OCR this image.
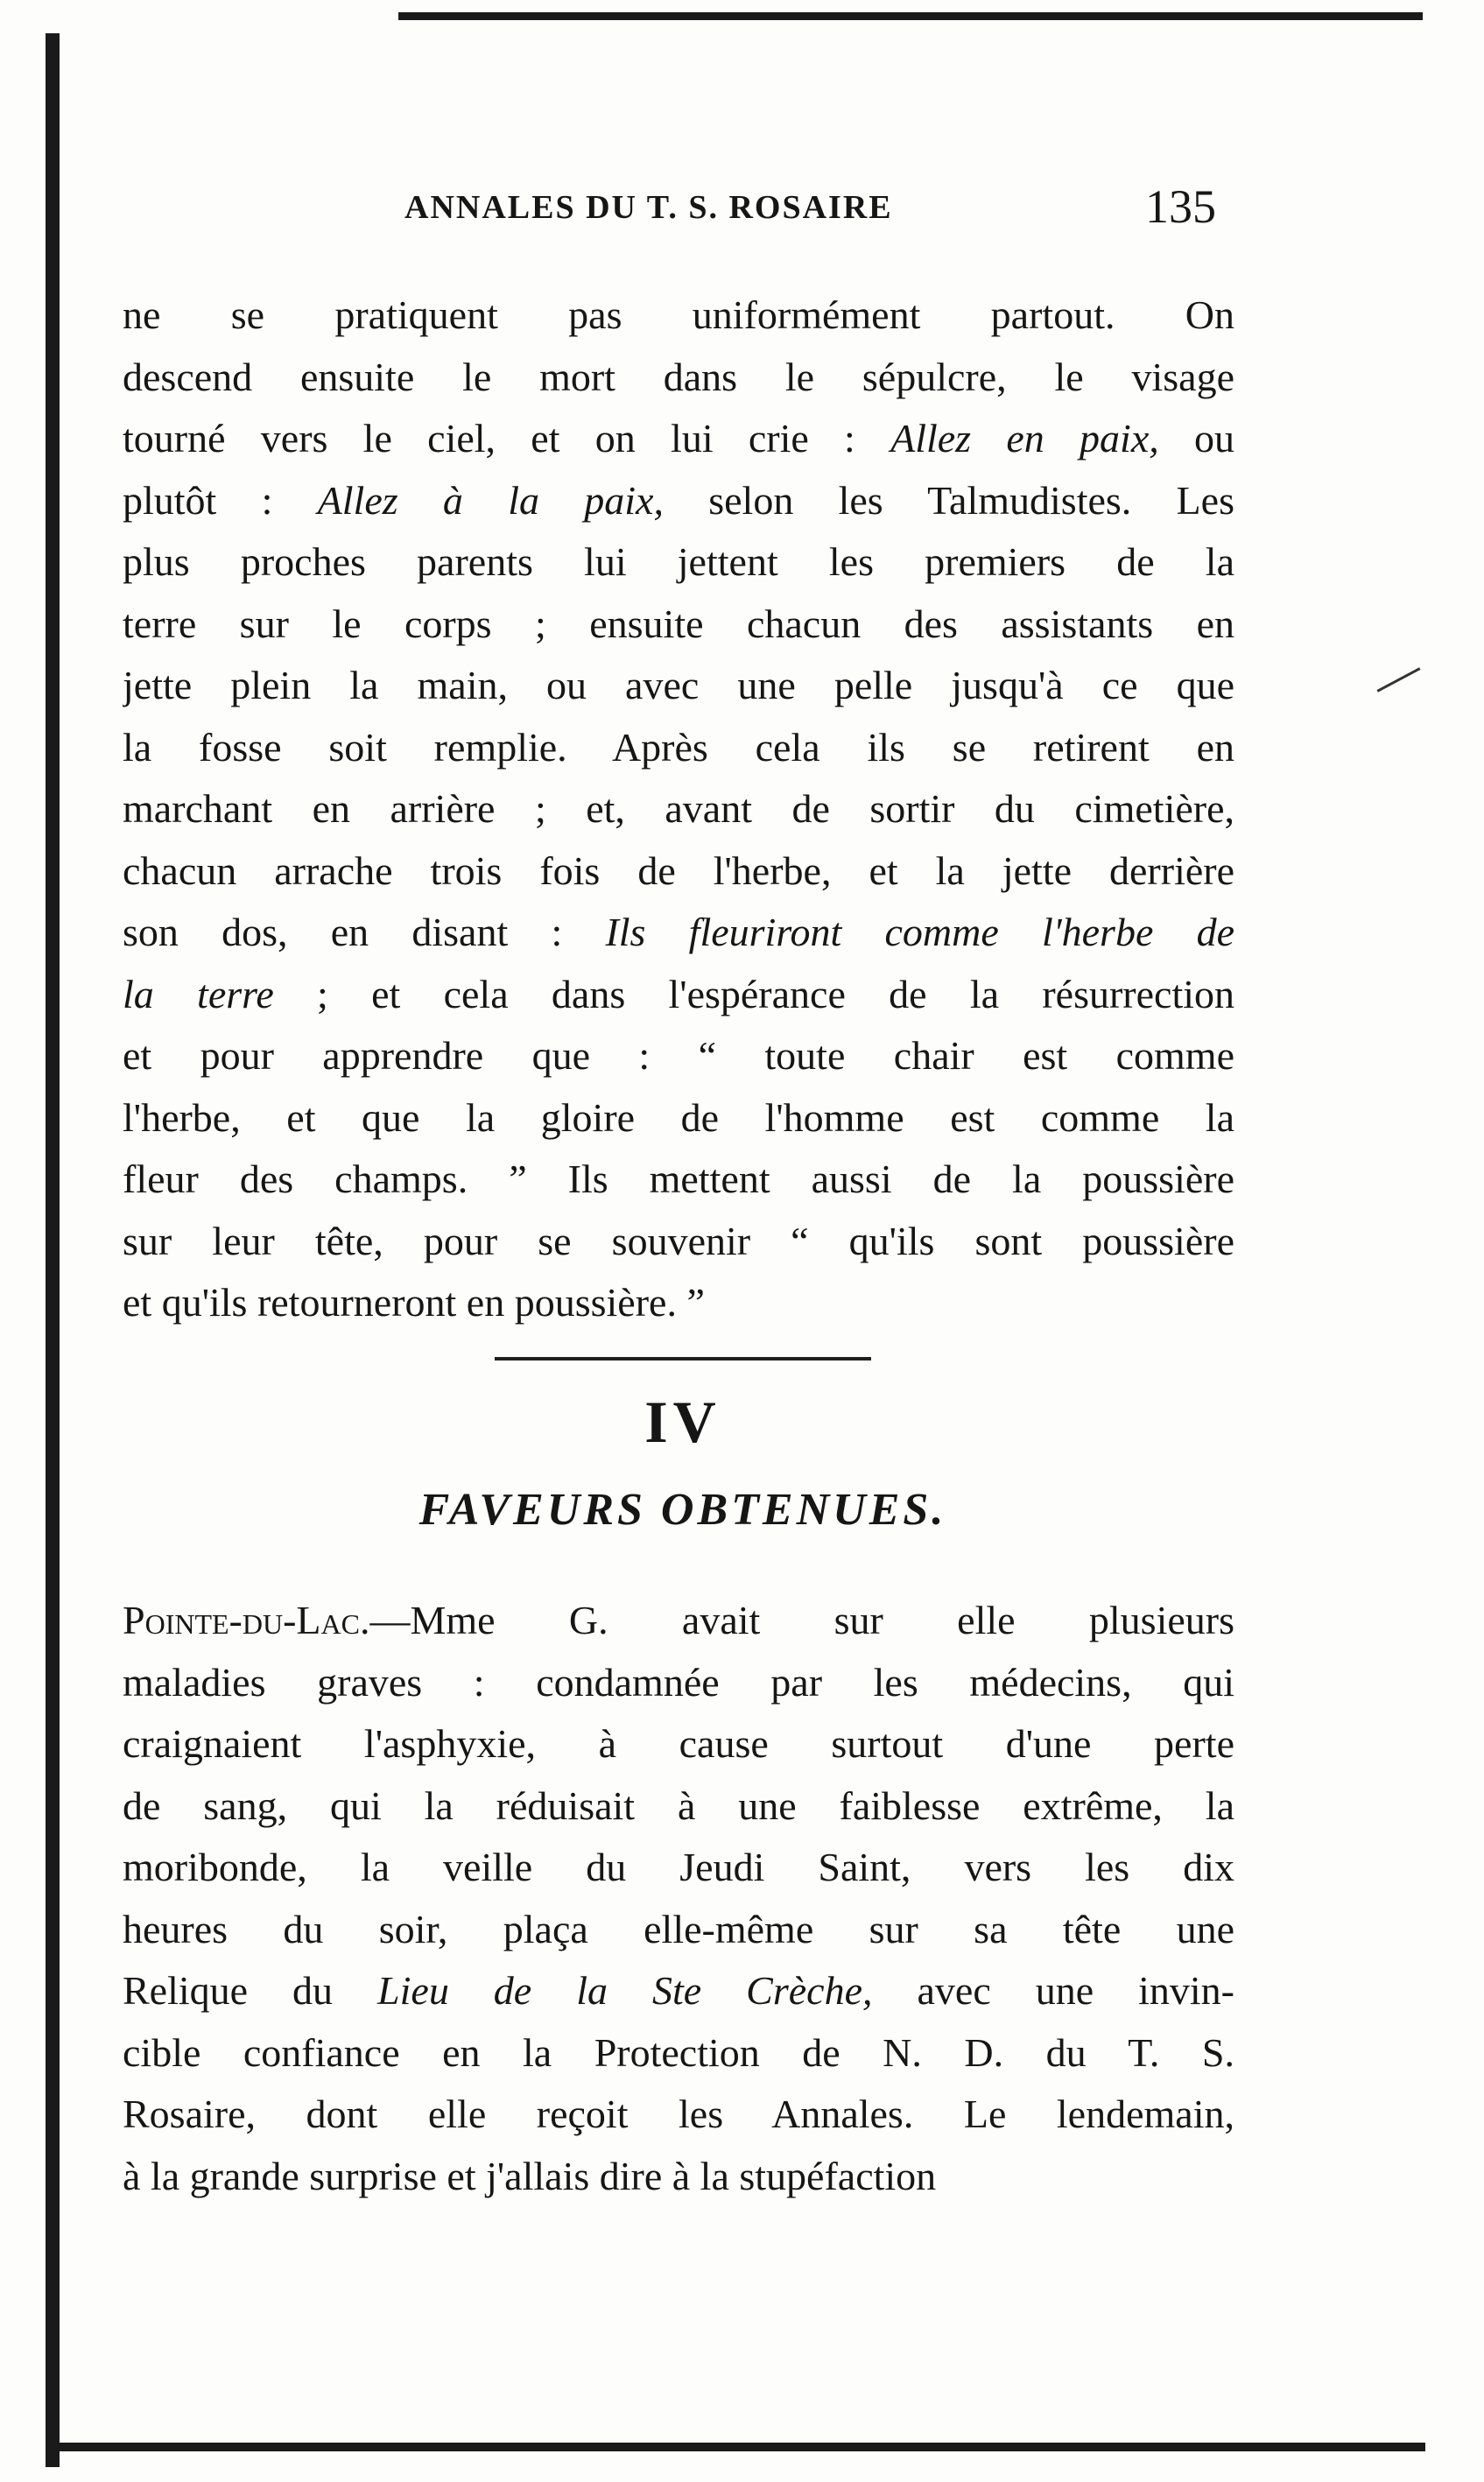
ANNALES DU T. S. ROSAIRE	135
ne se pratiquent pas uniformément partout. On
descend ensuite le mort dans le sépulcre, le visage
tourné vers le ciel, et on lui crie : Allez en paix, ou
plutôt : Allez à la paix, selon les Talmudistes. Les
plus proches parents lui jettent les premiers de la
terre sur le corps ; ensuite chacun des assistants en
jette plein la main, ou avec une pelle jusqu'à ce que
la fosse soit remplie. Après cela ils se retirent en
marchant en arrière ; et, avant de sortir du cimetière,
chacun arrache trois fois de l'herbe, et la jette derrière
son dos, en disant : Ils fleuriront comme l'herbe de
la terre ; et cela dans l'espérance de la résurrection
et pour apprendre que : “ toute chair est comme
l'herbe, et que la gloire de l'homme est comme la
fleur des champs. ” Ils mettent aussi de la poussière
sur leur tête, pour se souvenir “ qu'ils sont poussière
et qu'ils retourneront en poussière. ”
IV
FAVEURS OBTENUES.
Pointe-du-Lac.—Mme G. avait sur elle plusieurs
maladies graves : condamnée par les médecins, qui
craignaient l'asphyxie, à cause surtout d'une perte
de sang, qui la réduisait à une faiblesse extrême, la
moribonde, la veille du Jeudi Saint, vers les dix
heures du soir, plaça elle-même sur sa tête une
Relique du Lieu de la Ste Crèche, avec une invin-
cible confiance en la Protection de N. D. du T. S.
Rosaire, dont elle reçoit les Annales. Le lendemain,
à la grande surprise et j'allais dire à la stupéfaction
